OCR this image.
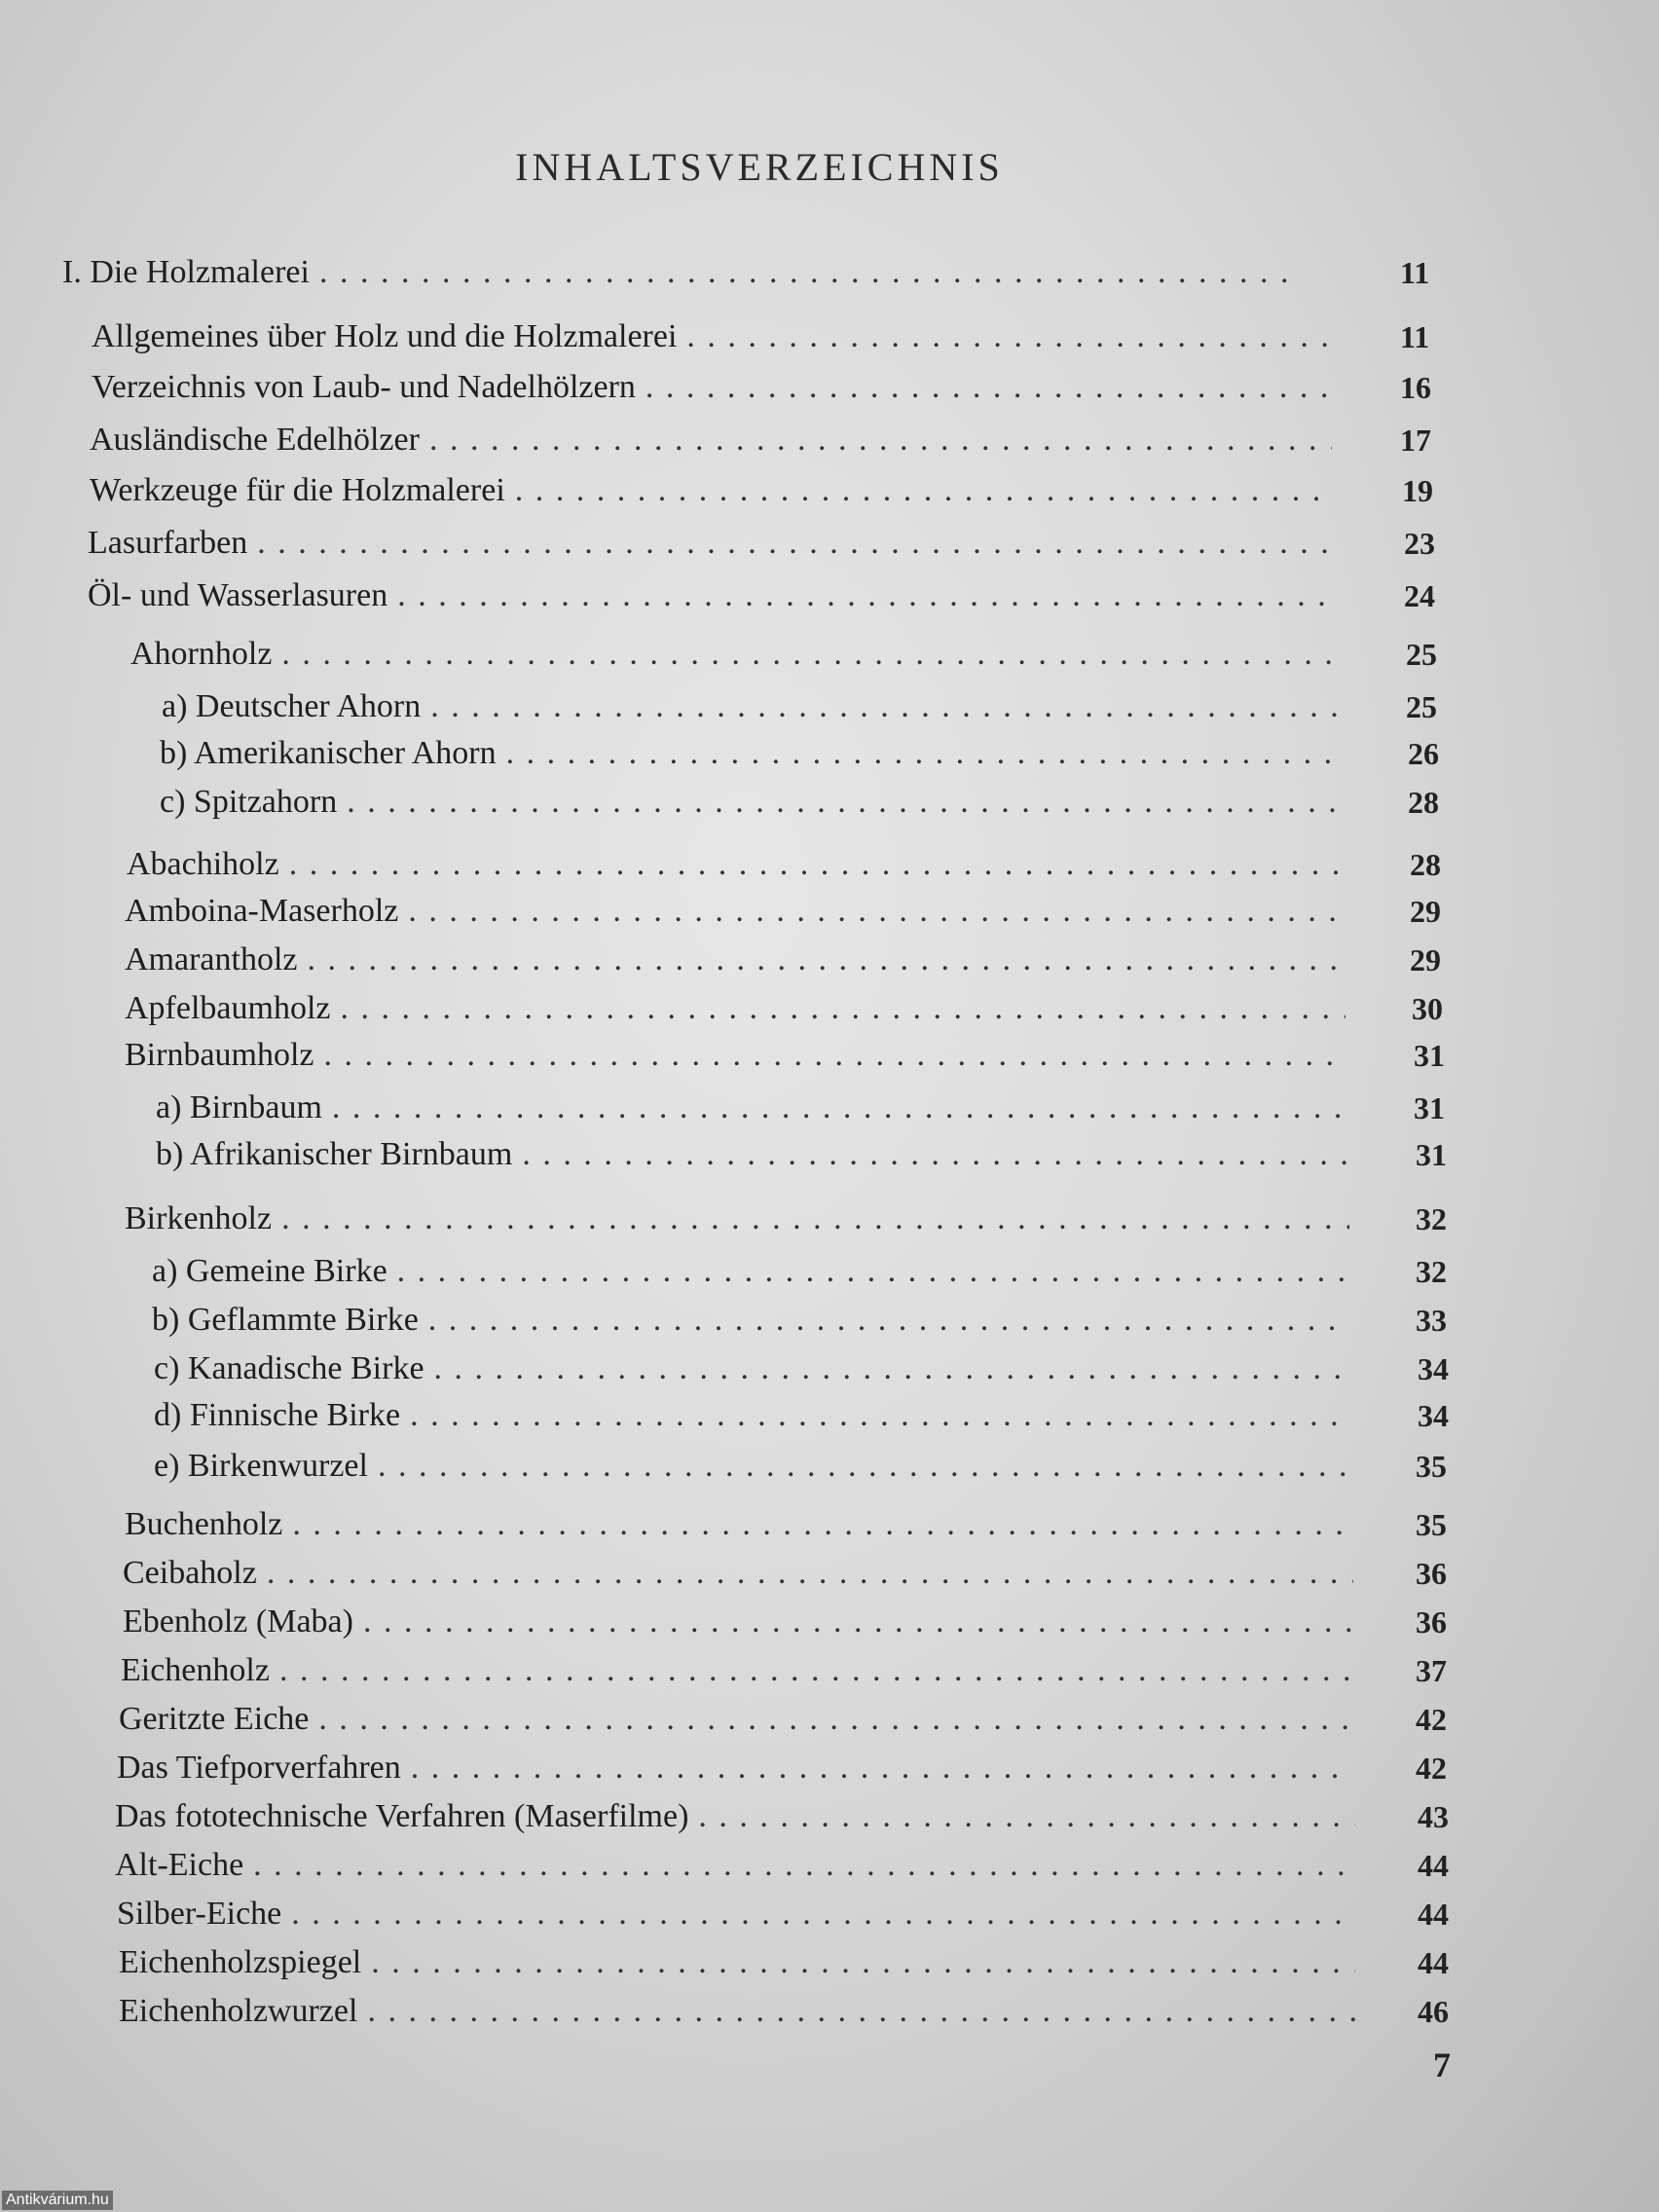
INHALTSVERZEICHNIS
I. Die Holzmalerei . . .	11
Allgemeines über Holz und die Holzmalerei . . .	11
Verzeichnis von Laub- und Nadelhölzern . . .	16
Ausländische Edelhölzer . . .	17
Werkzeuge für die Holzmalerei . . .	19
Lasurfarben . . .	23
Öl- und Wasserlasuren . . .	24
Ahornholz . . .	25
a) Deutscher Ahorn . . .	25
b) Amerikanischer Ahorn . . .	26
c) Spitzahorn . . .	28
Abachiholz . . .	28
Amboina-Maserholz . . .	29
Amarantholz . . .	29
Apfelbaumholz . . .	30
Birnbaumholz . . .	31
a) Birnbaum . . .	31
b) Afrikanischer Birnbaum . . .	31
Birkenholz . . .	32
a) Gemeine Birke . . .	32
b) Geflammte Birke . . .	33
c) Kanadische Birke . . .	34
d) Finnische Birke . . .	34
e) Birkenwurzel . . .	35
Buchenholz . . .	35
Ceibaholz . . .	36
Ebenholz (Maba) . . .	36
Eichenholz . . .	37
Geritzte Eiche . . .	42
Das Tiefporverfahren . . .	42
Das fototechnische Verfahren (Maserfilme) . . .	43
Alt-Eiche . . .	44
Silber-Eiche . . .	44
Eichenholzspiegel . . .	44
Eichenholzwurzel . . .	46
7
Antikvárium.hu
